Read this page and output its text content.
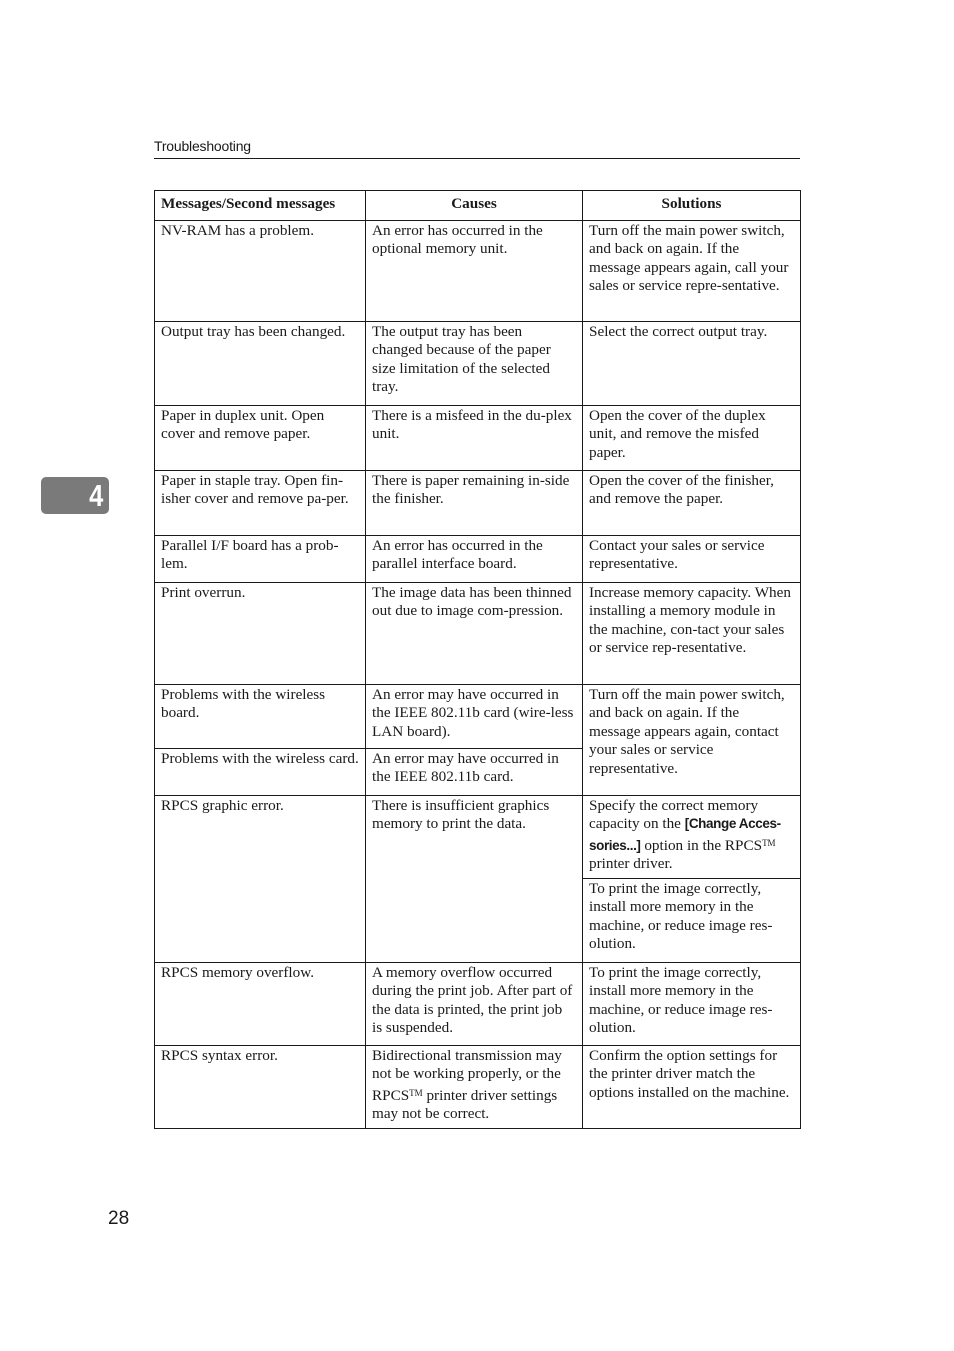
Troubleshooting
4
Messages/Second messages	Causes	Solutions
NV-RAM has a problem.	An error has occurred in the optional memory unit.	Turn off the main power switch, and back on again. If the message appears again, call your sales or service repre-sentative.
Output tray has been changed.	The output tray has been changed because of the paper size limitation of the selected tray.	Select the correct output tray.
Paper in duplex unit. Open cover and remove paper.	There is a misfeed in the du-plex unit.	Open the cover of the duplex unit, and remove the misfed paper.
Paper in staple tray. Open fin-isher cover and remove pa-per.	There is paper remaining in-side the finisher.	Open the cover of the finisher, and remove the paper.
Parallel I/F board has a prob-lem.	An error has occurred in the parallel interface board.	Contact your sales or service representative.
Print overrun.	The image data has been thinned out due to image com-pression.	Increase memory capacity. When installing a memory module in the machine, con-tact your sales or service rep-resentative.
Problems with the wireless board.	An error may have occurred in the IEEE 802.11b card (wire-less LAN board).	Turn off the main power switch, and back on again. If the message appears again, contact your sales or service representative.
Problems with the wireless card.	An error may have occurred in the IEEE 802.11b card.	
RPCS graphic error.	There is insufficient graphics memory to print the data.	Specify the correct memory capacity on the [Change Acces-sories...] option in the RPCS™ printer driver.
		To print the image correctly, install more memory in the machine, or reduce image res-olution.
RPCS memory overflow.	A memory overflow occurred during the print job. After part of the data is printed, the print job is suspended.	To print the image correctly, install more memory in the machine, or reduce image res-olution.
RPCS syntax error.	Bidirectional transmission may not be working properly, or the RPCS™ printer driver settings may not be correct.	Confirm the option settings for the printer driver match the options installed on the machine.
28
